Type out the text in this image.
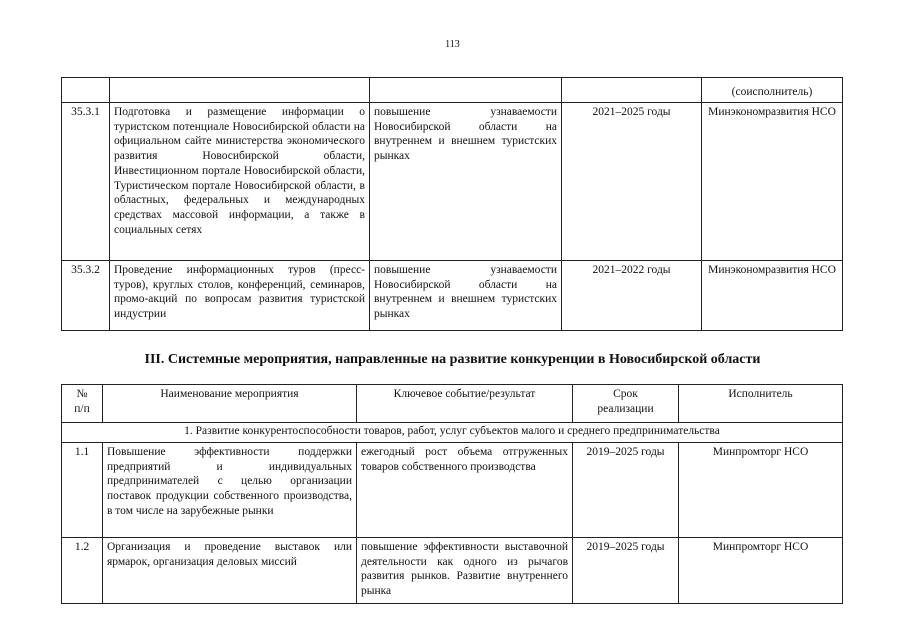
113
				(соисполнитель)
35.3.1	Подготовка и размещение информации о туристском потенциале Новосибирской области на официальном сайте министерства экономического развития Новосибирской области, Инвестиционном портале Новосибирской области, Туристическом портале Новосибирской области, в областных, федеральных и международных средствах массовой информации, а также в социальных сетях	повышение узнаваемости Новосибирской области на внутреннем и внешнем туристских рынках	2021–2025 годы	Минэкономразвития НСО
35.3.2	Проведение информационных туров (пресс-туров), круглых столов, конференций, семинаров, промо-акций по вопросам развития туристской индустрии	повышение узнаваемости Новосибирской области на внутреннем и внешнем туристских рынках	2021–2022 годы	Минэкономразвития НСО
III. Системные мероприятия, направленные на развитие конкуренции в Новосибирской области
№ п/п	Наименование мероприятия	Ключевое событие/результат	Срок реализации	Исполнитель
1. Развитие конкурентоспособности товаров, работ, услуг субъектов малого и среднего предпринимательства				
1.1	Повышение эффективности поддержки предприятий и индивидуальных предпринимателей с целью организации поставок продукции собственного производства, в том числе на зарубежные рынки	ежегодный рост объема отгруженных товаров собственного производства	2019–2025 годы	Минпромторг НСО
1.2	Организация и проведение выставок или ярмарок, организация деловых миссий	повышение эффективности выставочной деятельности как одного из рычагов развития рынков. Развитие внутреннего рынка	2019–2025 годы	Минпромторг НСО
